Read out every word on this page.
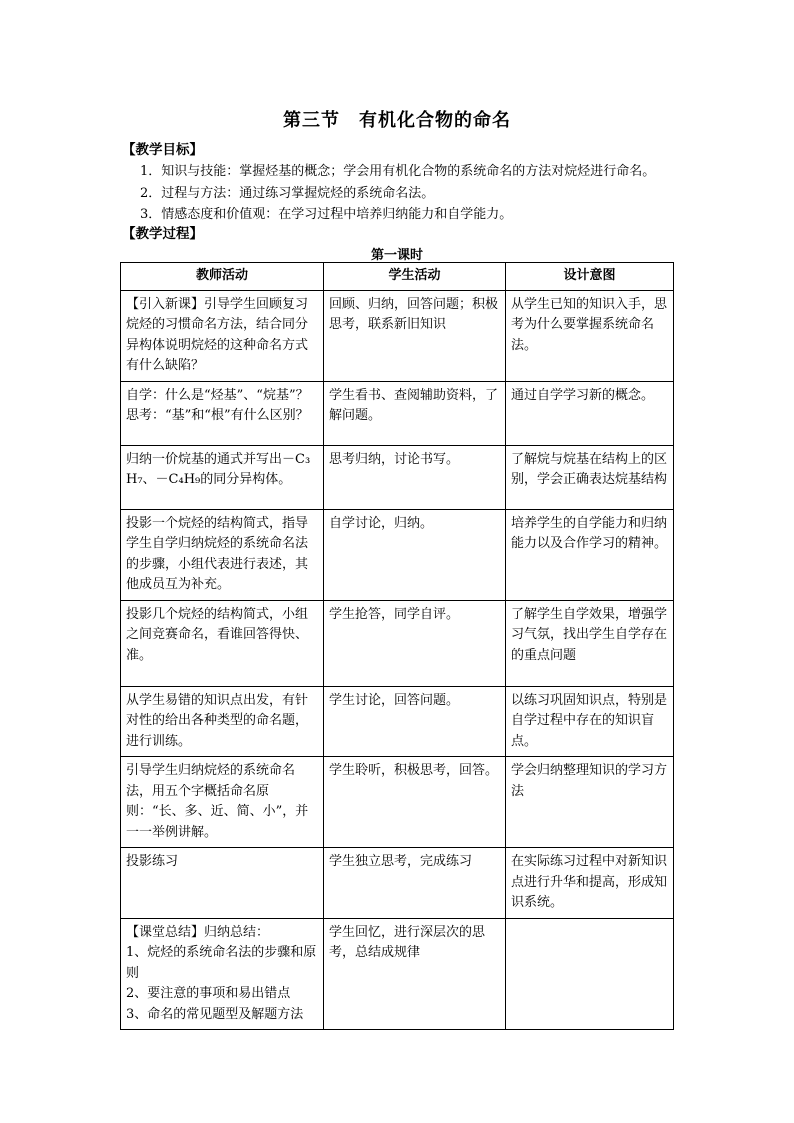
第三节　有机化合物的命名
【教学目标】
1．知识与技能：掌握烃基的概念；学会用有机化合物的系统命名的方法对烷烃进行命名。
2．过程与方法：通过练习掌握烷烃的系统命名法。
3．情感态度和价值观：在学习过程中培养归纳能力和自学能力。
【教学过程】
第一课时
教师活动	学生活动	设计意图

【引入新课】引导学生回顾复习烷烃的习惯命名方法，结合同分异构体说明烷烃的这种命名方式有什么缺陷？	回顾、归纳，回答问题；积极思考，联系新旧知识	从学生已知的知识入手，思考为什么要掌握系统命名法。

自学：什么是“烃基”、“烷基”？
思考：“基”和“根”有什么区别？	学生看书、查阅辅助资料，了解问题。	通过自学学习新的概念。

归纳一价烷基的通式并写出－C₃H₇、－C₄H₉的同分异构体。	思考归纳，讨论书写。	了解烷与烷基在结构上的区别，学会正确表达烷基结构

投影一个烷烃的结构简式，指导学生自学归纳烷烃的系统命名法的步骤，小组代表进行表述，其他成员互为补充。	自学讨论，归纳。	培养学生的自学能力和归纳能力以及合作学习的精神。

投影几个烷烃的结构简式，小组之间竞赛命名，看谁回答得快、准。	学生抢答，同学自评。	了解学生自学效果，增强学习气氛，找出学生自学存在的重点问题

从学生易错的知识点出发，有针对性的给出各种类型的命名题，进行训练。	学生讨论，回答问题。	以练习巩固知识点，特别是自学过程中存在的知识盲点。

引导学生归纳烷烃的系统命名法，用五个字概括命名原则：“长、多、近、简、小”，并一一举例讲解。	学生聆听，积极思考，回答。	学会归纳整理知识的学习方法

投影练习	学生独立思考，完成练习	在实际练习过程中对新知识点进行升华和提高，形成知识系统。

【课堂总结】归纳总结：
1、烷烃的系统命名法的步骤和原则
2、要注意的事项和易出错点
3、命名的常见题型及解题方法	学生回忆，进行深层次的思考，总结成规律	
